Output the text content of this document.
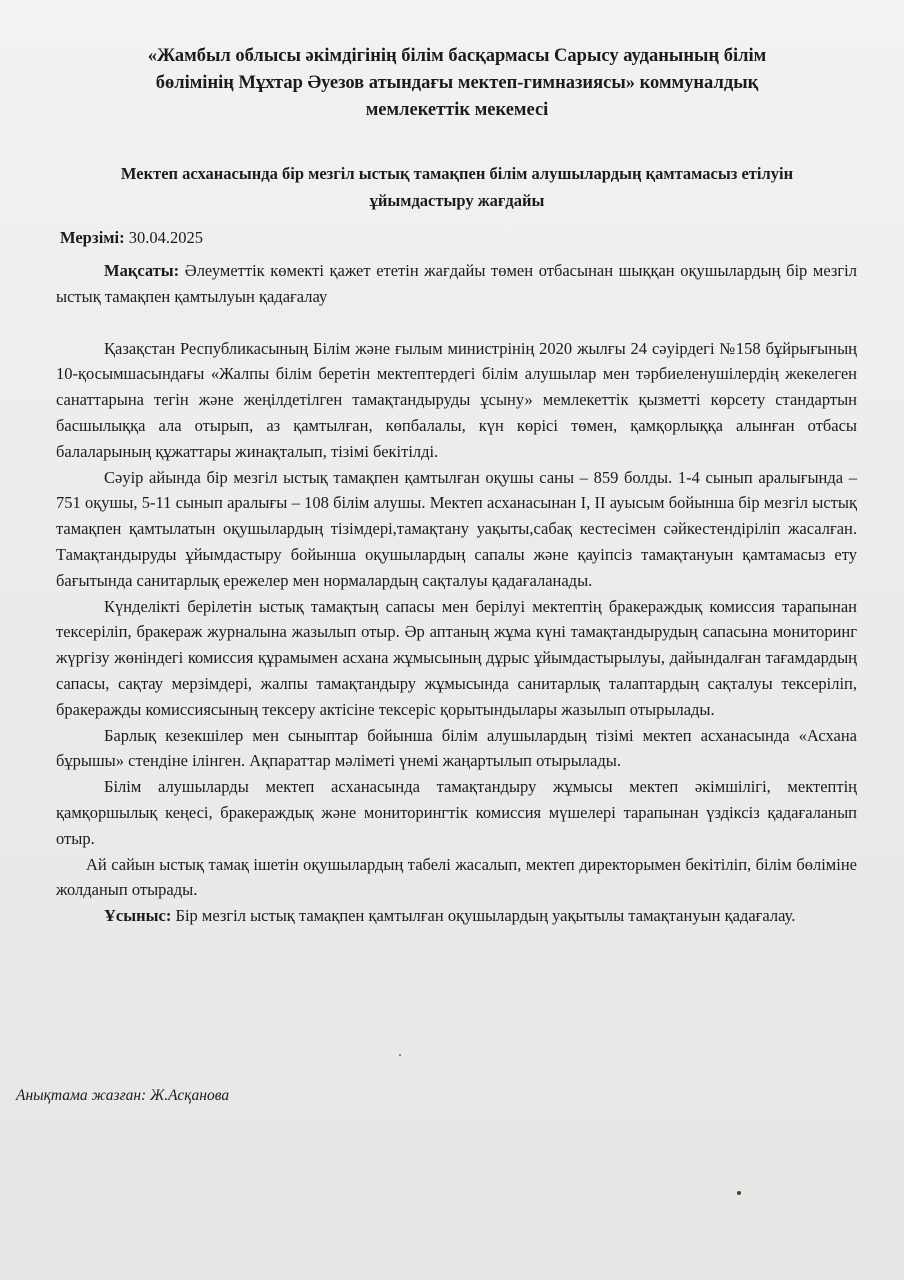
«Жамбыл облысы әкімдігінің білім басқармасы Сарысу ауданының білім
бөлімінің Мұхтар Әуезов атындағы мектеп-гимназиясы» коммуналдық
мемлекеттік мекемесі
Мектеп асханасында бір мезгіл ыстық тамақпен білім алушылардың қамтамасыз етілуін
ұйымдастыру жағдайы
Мерзімі: 30.04.2025

Мақсаты: Әлеуметтік көмекті қажет ететін жағдайы төмен отбасынан шыққан оқушылардың бір мезгіл ыстық тамақпен қамтылуын қадағалау

Қазақстан Республикасының Білім және ғылым министрінің 2020 жылғы 24 сәуірдегі №158 бұйрығының 10-қосымшасындағы «Жалпы білім беретін мектептердегі білім алушылар мен тәрбиеленушілердің жекелеген санаттарына тегін және жеңілдетілген тамақтандыруды ұсыну» мемлекеттік қызметті көрсету стандартын басшылыққа ала отырып, аз қамтылған, көпбалалы, күн көрісі төмен, қамқорлыққа алынған отбасы балаларының құжаттары жинақталып, тізімі бекітілді.

Сәуір айында бір мезгіл ыстық тамақпен қамтылған оқушы саны – 859 болды. 1-4 сынып аралығында – 751 оқушы, 5-11 сынып аралығы – 108 білім алушы. Мектеп асханасынан І, ІІ ауысым бойынша бір мезгіл ыстық тамақпен қамтылатын оқушылардың тізімдері,тамақтану уақыты,сабақ кестесімен сәйкестендіріліп жасалған. Тамақтандыруды ұйымдастыру бойынша оқушылардың сапалы және қауіпсіз тамақтануын қамтамасыз ету бағытында санитарлық ережелер мен нормалардың сақталуы қадағаланады.

Күнделікті берілетін ыстық тамақтың сапасы мен берілуі мектептің бракераждық комиссия тарапынан тексеріліп, бракераж журналына жазылып отыр. Әр аптаның жұма күні тамақтандырудың сапасына мониторинг жүргізу жөніндегі комиссия құрамымен асхана жұмысының дұрыс ұйымдастырылуы, дайындалған тағамдардың сапасы, сақтау мерзімдері, жалпы тамақтандыру жұмысында санитарлық талаптардың сақталуы тексеріліп, бракеражды комиссиясының тексеру актісіне тексеріс қорытындылары жазылып отырылады.

Барлық кезекшілер мен сыныптар бойынша білім алушылардың тізімі мектеп асханасында «Асхана бұрышы» стендіне ілінген. Ақпараттар мәліметі үнемі жаңартылып отырылады.

Білім алушыларды мектеп асханасында тамақтандыру жұмысы мектеп әкімшілігі, мектептің қамқоршылық кеңесі, бракераждық және мониторингтік комиссия мүшелері тарапынан үздіксіз қадағаланып отыр.

Ай сайын ыстық тамақ ішетін оқушылардың табелі жасалып, мектеп директорымен бекітіліп, білім бөліміне жолданып отырады.

Ұсыныс: Бір мезгіл ыстық тамақпен қамтылған оқушылардың уақытылы тамақтануын қадағалау.

Анықтама жазған: Ж.Асқанова
